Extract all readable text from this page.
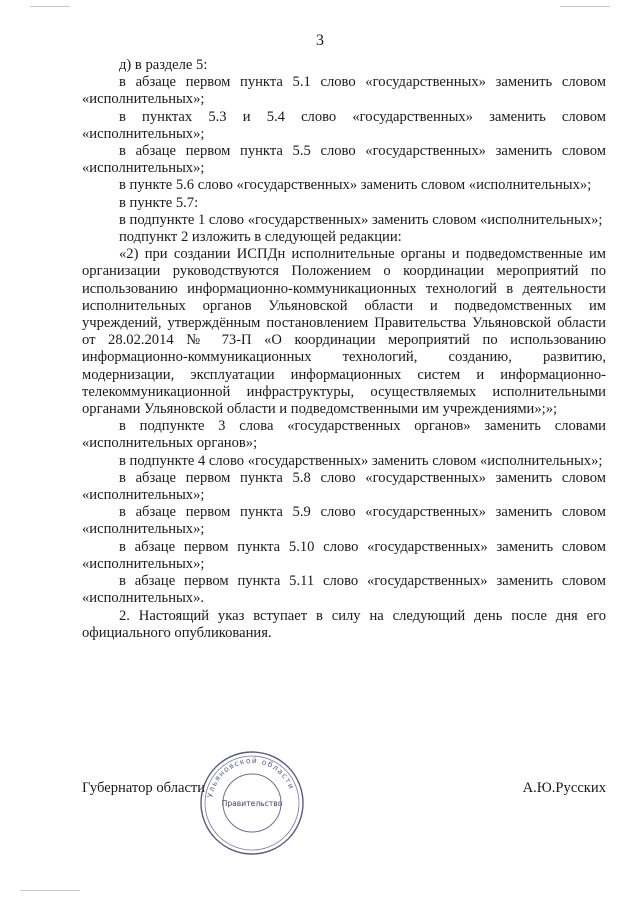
3

д) в разделе 5:

в абзаце первом пункта 5.1 слово «государственных» заменить словом «исполнительных»;

в пунктах 5.3 и 5.4 слово «государственных» заменить словом «исполнительных»;

в абзаце первом пункта 5.5 слово «государственных» заменить словом «исполнительных»;

в пункте 5.6 слово «государственных» заменить словом «исполнительных»;

в пункте 5.7:

в подпункте 1 слово «государственных» заменить словом «исполнительных»;

подпункт 2 изложить в следующей редакции:

«2) при создании ИСПДн исполнительные органы и подведомственные им организации руководствуются Положением о координации мероприятий по использованию информационно-коммуникационных технологий в деятельности исполнительных органов Ульяновской области и подведомственных им учреждений, утверждённым постановлением Правительства Ульяновской области от 28.02.2014 № 73-П «О координации мероприятий по использованию информационно-коммуникационных технологий, созданию, развитию, модернизации, эксплуатации информационных систем и информационно-телекоммуникационной инфраструктуры, осуществляемых исполнительными органами Ульяновской области и подведомственными им учреждениями»;»;

в подпункте 3 слова «государственных органов» заменить словами «исполнительных органов»;

в подпункте 4 слово «государственных» заменить словом «исполнительных»;

в абзаце первом пункта 5.8 слово «государственных» заменить словом «исполнительных»;

в абзаце первом пункта 5.9 слово «государственных» заменить словом «исполнительных»;

в абзаце первом пункта 5.10 слово «государственных» заменить словом «исполнительных»;

в абзаце первом пункта 5.11 слово «государственных» заменить словом «исполнительных».

2. Настоящий указ вступает в силу на следующий день после дня его официального опубликования.

Губернатор области	А.Ю.Русских
Ульяновской области
Правительство
